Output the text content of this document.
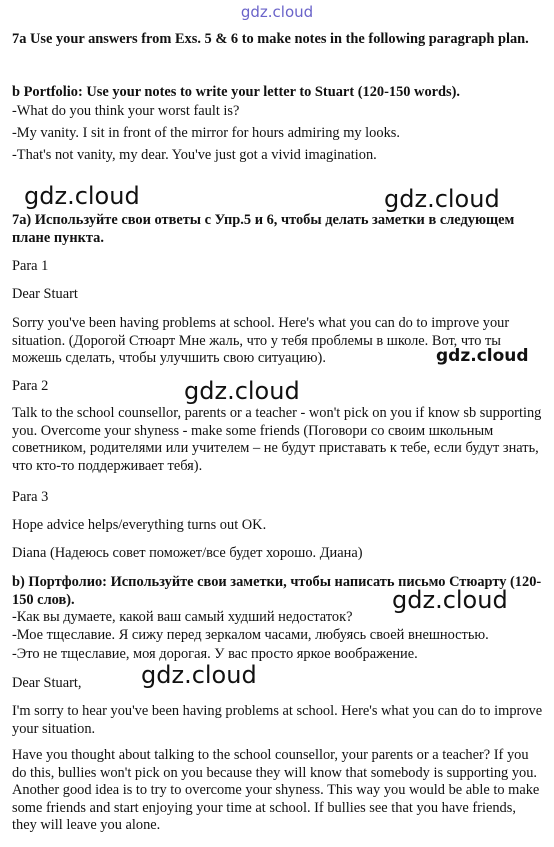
gdz.cloud
7a Use your answers from Exs. 5 & 6 to make notes in the following paragraph plan.
b Portfolio: Use your notes to write your letter to Stuart (120-150 words).
-What do you think your worst fault is?
-My vanity. I sit in front of the mirror for hours admiring my looks.
-That's not vanity, my dear. You've just got a vivid imagination.
gdz.cloud	gdz.cloud
7a) Используйте свои ответы с Упр.5 и 6, чтобы делать заметки в следующем плане пункта.
Para 1
Dear Stuart
Sorry you've been having problems at school. Here's what you can do to improve your situation. (Дорогой Стюарт Мне жаль, что у тебя проблемы в школе. Вот, что ты можешь сделать, чтобы улучшить свою ситуацию).	gdz.cloud
Para 2	gdz.cloud
Talk to the school counsellor, parents or a teacher - won't pick on you if know sb supporting you. Overcome your shyness - make some friends (Поговори со своим школьным советником, родителями или учителем – не будут приставать к тебе, если будут знать, что кто-то поддерживает тебя).
Para 3
Hope advice helps/everything turns out OK.
Diana (Надеюсь совет поможет/все будет хорошо. Диана)
b) Портфолио: Используйте свои заметки, чтобы написать письмо Стюарту (120-150 слов).	gdz.cloud
-Как вы думаете, какой ваш самый худший недостаток?
-Мое тщеславие. Я сижу перед зеркалом часами, любуясь своей внешностью.
-Это не тщеславие, моя дорогая. У вас просто яркое воображение.
Dear Stuart,	gdz.cloud
I'm sorry to hear you've been having problems at school. Here's what you can do to improve your situation.
Have you thought about talking to the school counsellor, your parents or a teacher? If you do this, bullies won't pick on you because they will know that somebody is supporting you. Another good idea is to try to overcome your shyness. This way you would be able to make some friends and start enjoying your time at school. If bullies see that you have friends, they will leave you alone.
